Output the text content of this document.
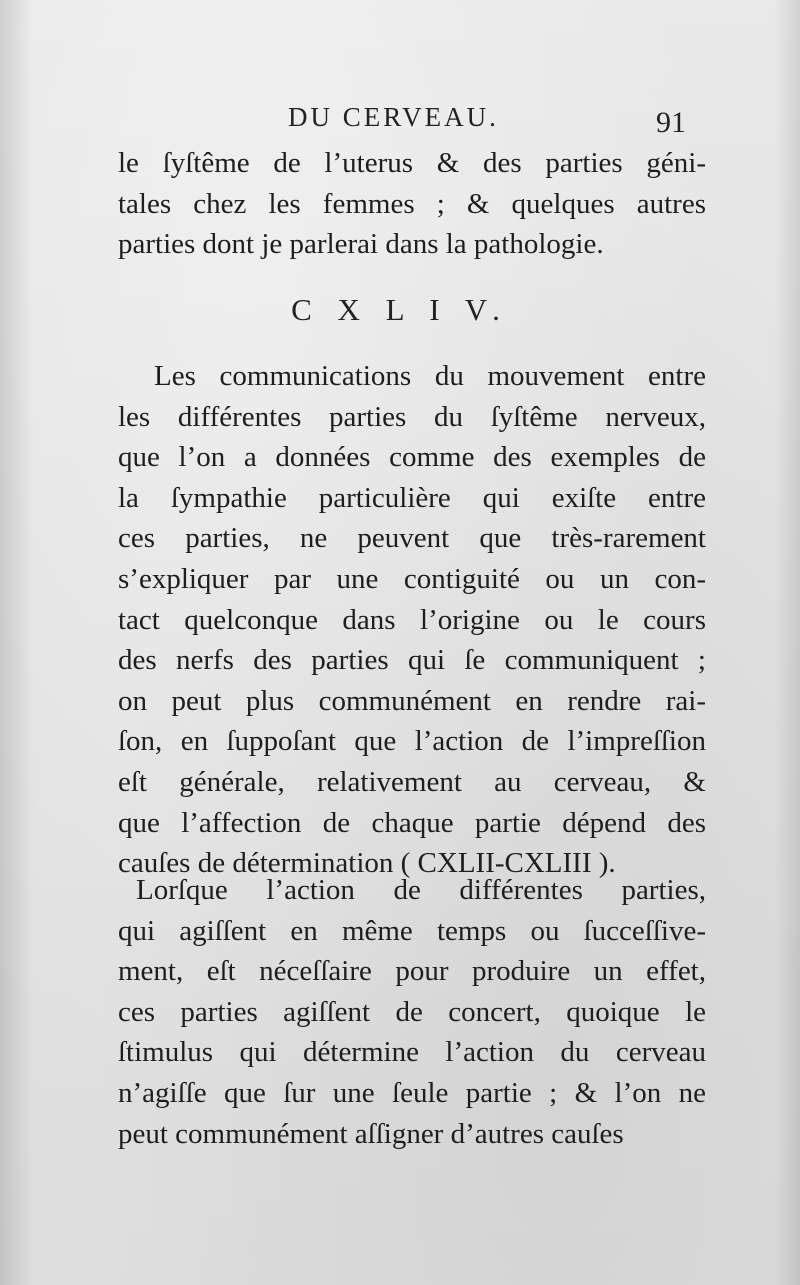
DU CERVEAU.	91
le ſyſtême de l’uterus & des parties géni-
tales chez les femmes ; & quelques autres
parties dont je parlerai dans la pathologie.
C X L I V.
Les communications du mouvement entre
les différentes parties du ſyſtême nerveux,
que l’on a données comme des exemples de
la ſympathie particulière qui exiſte entre
ces parties, ne peuvent que très-rarement
s’expliquer par une contiguité ou un con-
tact quelconque dans l’origine ou le cours
des nerfs des parties qui ſe communiquent ;
on peut plus communément en rendre rai-
ſon, en ſuppoſant que l’action de l’impreſſion
eſt générale, relativement au cerveau, &
que l’affection de chaque partie dépend des
cauſes de détermination ( CXLII-CXLIII ).
Lorſque l’action de différentes parties,
qui agiſſent en même temps ou ſucceſſive-
ment, eſt néceſſaire pour produire un effet,
ces parties agiſſent de concert, quoique le
ſtimulus qui détermine l’action du cerveau
n’agiſſe que ſur une ſeule partie ; & l’on ne
peut communément aſſigner d’autres cauſes
